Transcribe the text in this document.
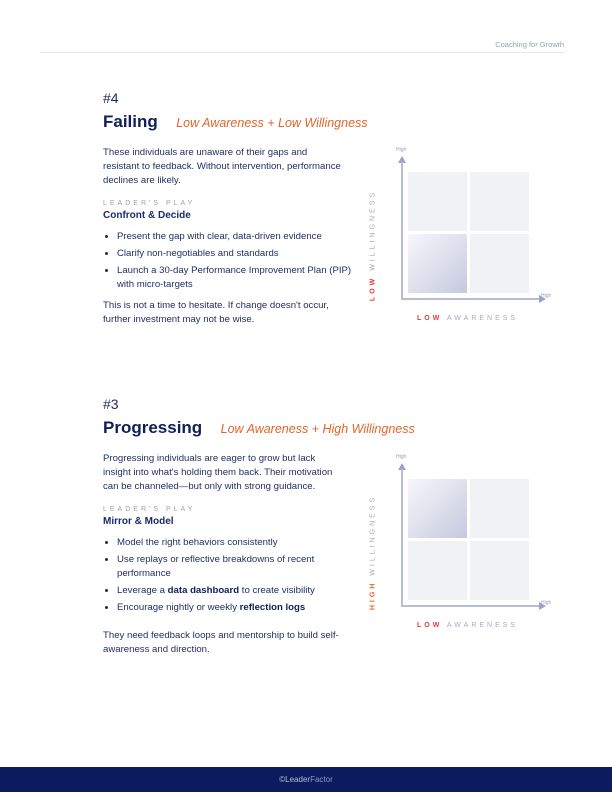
Coaching for Growth
#4
Failing Low Awareness + Low Willingness
These individuals are unaware of their gaps and resistant to feedback. Without intervention, performance declines are likely.
LEADER'S PLAY
Confront & Decide
• Present the gap with clear, data-driven evidence
• Clarify non-negotiables and standards
• Launch a 30-day Performance Improvement Plan (PIP) with micro-targets
This is not a time to hesitate. If change doesn't occur, further investment may not be wise.
High
High
LOW WILLINGNESS
LOW AWARENESS
#3
Progressing Low Awareness + High Willingness
Progressing individuals are eager to grow but lack insight into what's holding them back. Their motivation can be channeled—but only with strong guidance.
LEADER'S PLAY
Mirror & Model
• Model the right behaviors consistently
• Use replays or reflective breakdowns of recent performance
• Leverage a data dashboard to create visibility
• Encourage nightly or weekly reflection logs
They need feedback loops and mentorship to build self-awareness and direction.
High
High
HIGH WILLINGNESS
LOW AWARENESS
©LeaderFactor
